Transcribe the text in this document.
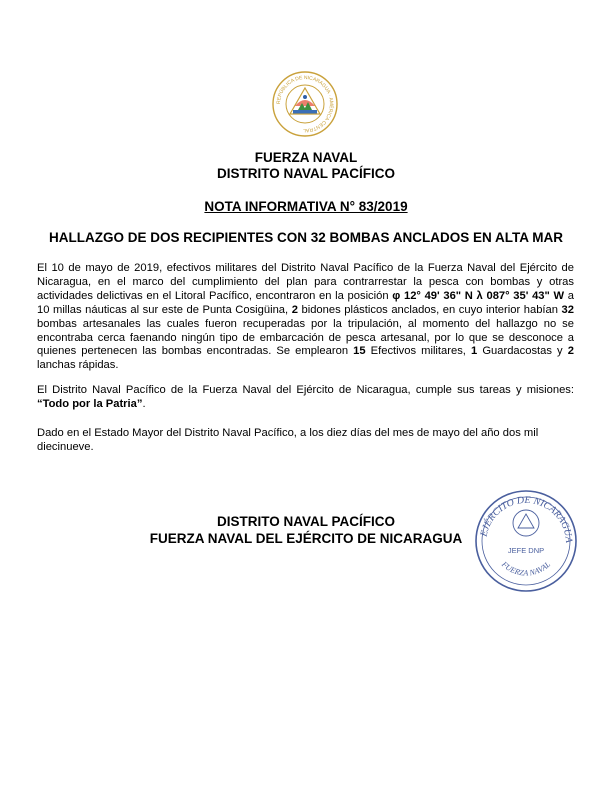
REPÚBLICA DE NICARAGUA · AMÉRICA CENTRAL
FUERZA NAVAL
DISTRITO NAVAL PACÍFICO
NOTA INFORMATIVA N° 83/2019
HALLAZGO DE DOS RECIPIENTES CON 32 BOMBAS ANCLADOS EN ALTA MAR
El 10 de mayo de 2019, efectivos militares del Distrito Naval Pacífico de la Fuerza Naval del Ejército de Nicaragua, en el marco del cumplimiento del plan para contrarrestar la pesca con bombas y otras actividades delictivas en el Litoral Pacífico, encontraron en la posición φ 12° 49' 36" N λ 087° 35' 43" W a 10 millas náuticas al sur este de Punta Cosigüina, 2 bidones plásticos anclados, en cuyo interior habían 32 bombas artesanales las cuales fueron recuperadas por la tripulación, al momento del hallazgo no se encontraba cerca faenando ningún tipo de embarcación de pesca artesanal, por lo que se desconoce a quienes pertenecen las bombas encontradas. Se emplearon 15 Efectivos militares, 1 Guardacostas y 2 lanchas rápidas.
El Distrito Naval Pacífico de la Fuerza Naval del Ejército de Nicaragua, cumple sus tareas y misiones: “Todo por la Patria”.
Dado en el Estado Mayor del Distrito Naval Pacífico, a los diez días del mes de mayo del año dos mil diecinueve.
DISTRITO NAVAL PACÍFICO
FUERZA NAVAL DEL EJÉRCITO DE NICARAGUA	EJÉRCITO DE NICARAGUA
JEFE DNP
FUERZA NAVAL
